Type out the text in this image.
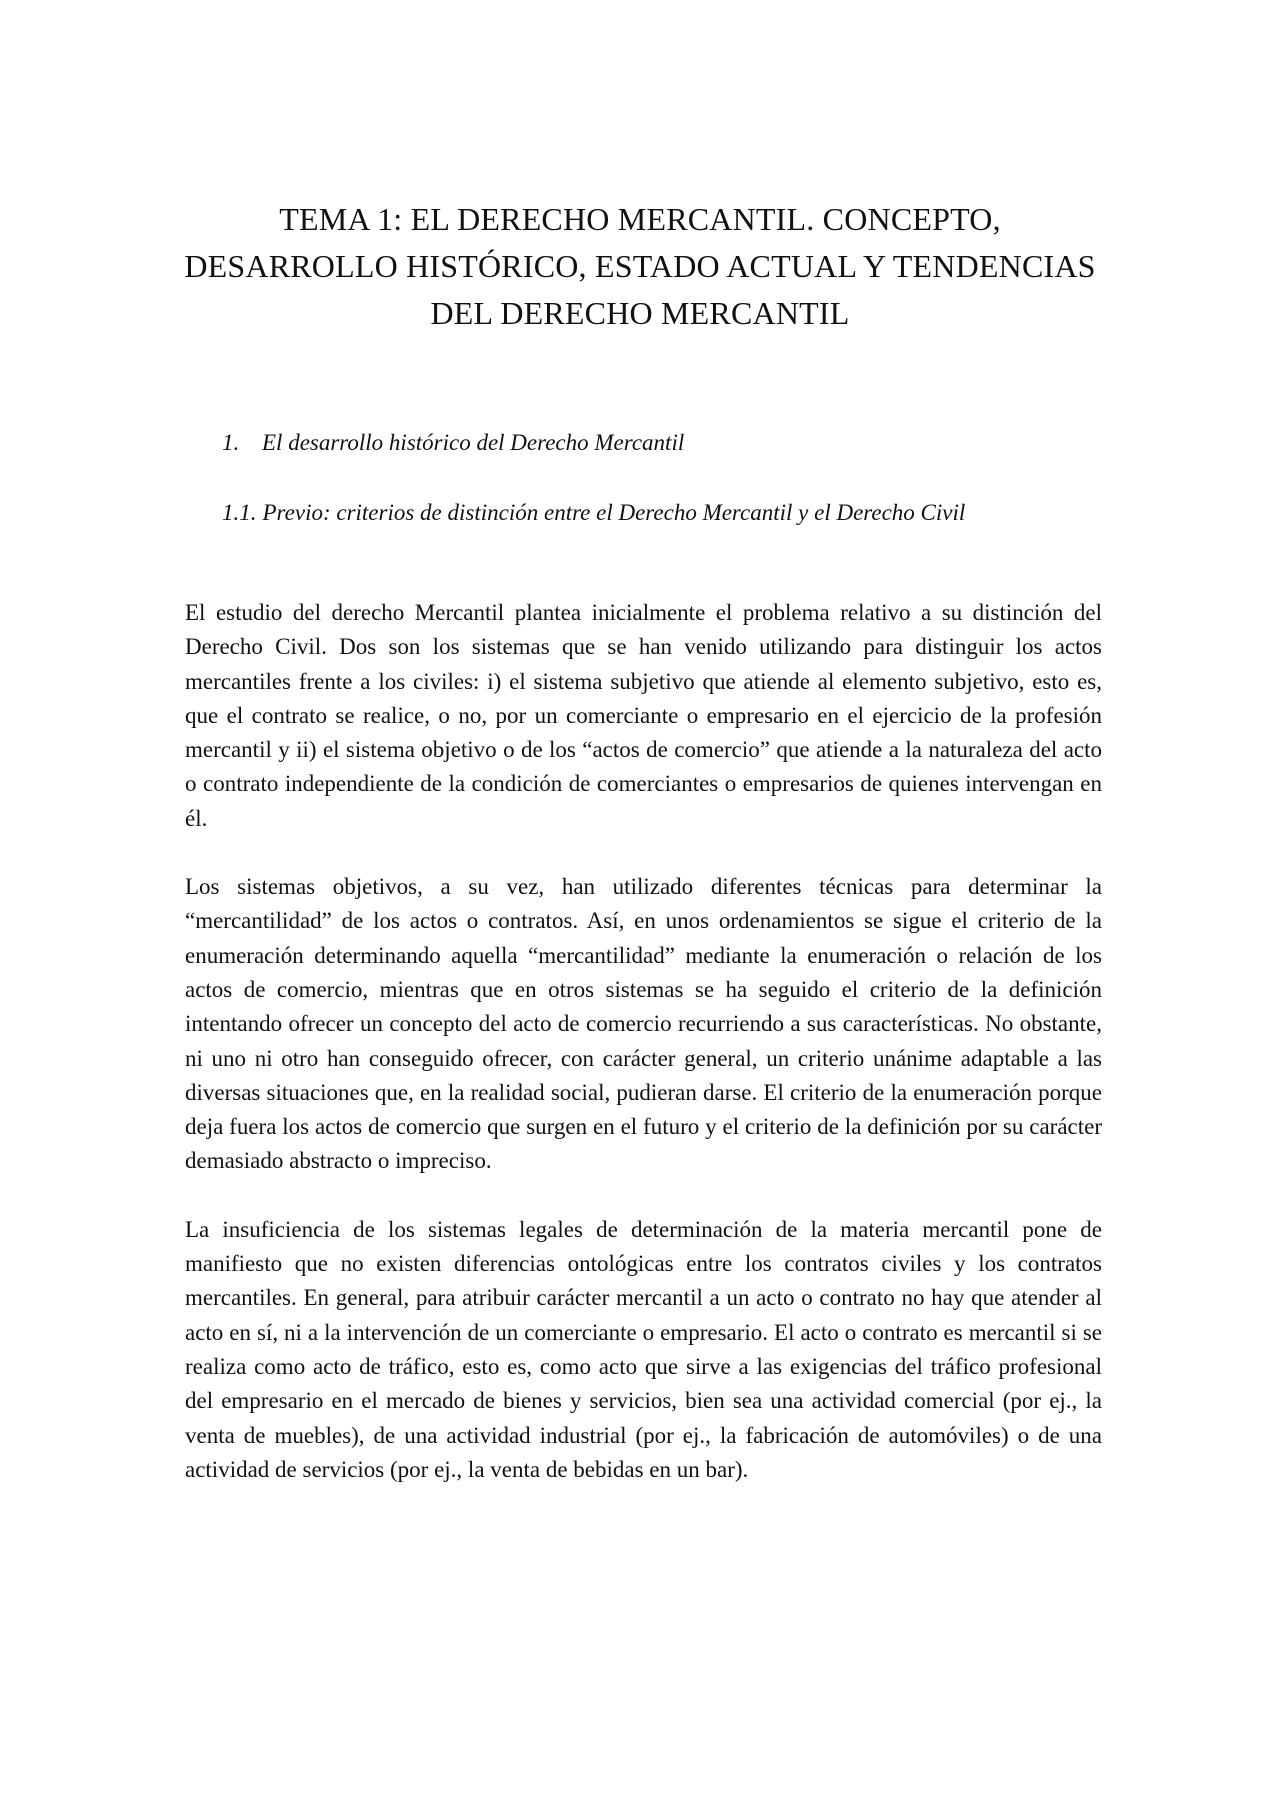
TEMA 1: EL DERECHO MERCANTIL. CONCEPTO, DESARROLLO HISTÓRICO, ESTADO ACTUAL Y TENDENCIAS DEL DERECHO MERCANTIL
1. El desarrollo histórico del Derecho Mercantil
1.1. Previo: criterios de distinción entre el Derecho Mercantil y el Derecho Civil

El estudio del derecho Mercantil plantea inicialmente el problema relativo a su distinción del Derecho Civil. Dos son los sistemas que se han venido utilizando para distinguir los actos mercantiles frente a los civiles: i) el sistema subjetivo que atiende al elemento subjetivo, esto es, que el contrato se realice, o no, por un comerciante o empresario en el ejercicio de la profesión mercantil y ii) el sistema objetivo o de los “actos de comercio” que atiende a la naturaleza del acto o contrato independiente de la condición de comerciantes o empresarios de quienes intervengan en él.

Los sistemas objetivos, a su vez, han utilizado diferentes técnicas para determinar la “mercantilidad” de los actos o contratos. Así, en unos ordenamientos se sigue el criterio de la enumeración determinando aquella “mercantilidad” mediante la enumeración o relación de los actos de comercio, mientras que en otros sistemas se ha seguido el criterio de la definición intentando ofrecer un concepto del acto de comercio recurriendo a sus características. No obstante, ni uno ni otro han conseguido ofrecer, con carácter general, un criterio unánime adaptable a las diversas situaciones que, en la realidad social, pudieran darse. El criterio de la enumeración porque deja fuera los actos de comercio que surgen en el futuro y el criterio de la definición por su carácter demasiado abstracto o impreciso.

La insuficiencia de los sistemas legales de determinación de la materia mercantil pone de manifiesto que no existen diferencias ontológicas entre los contratos civiles y los contratos mercantiles. En general, para atribuir carácter mercantil a un acto o contrato no hay que atender al acto en sí, ni a la intervención de un comerciante o empresario. El acto o contrato es mercantil si se realiza como acto de tráfico, esto es, como acto que sirve a las exigencias del tráfico profesional del empresario en el mercado de bienes y servicios, bien sea una actividad comercial (por ej., la venta de muebles), de una actividad industrial (por ej., la fabricación de automóviles) o de una actividad de servicios (por ej., la venta de bebidas en un bar).
